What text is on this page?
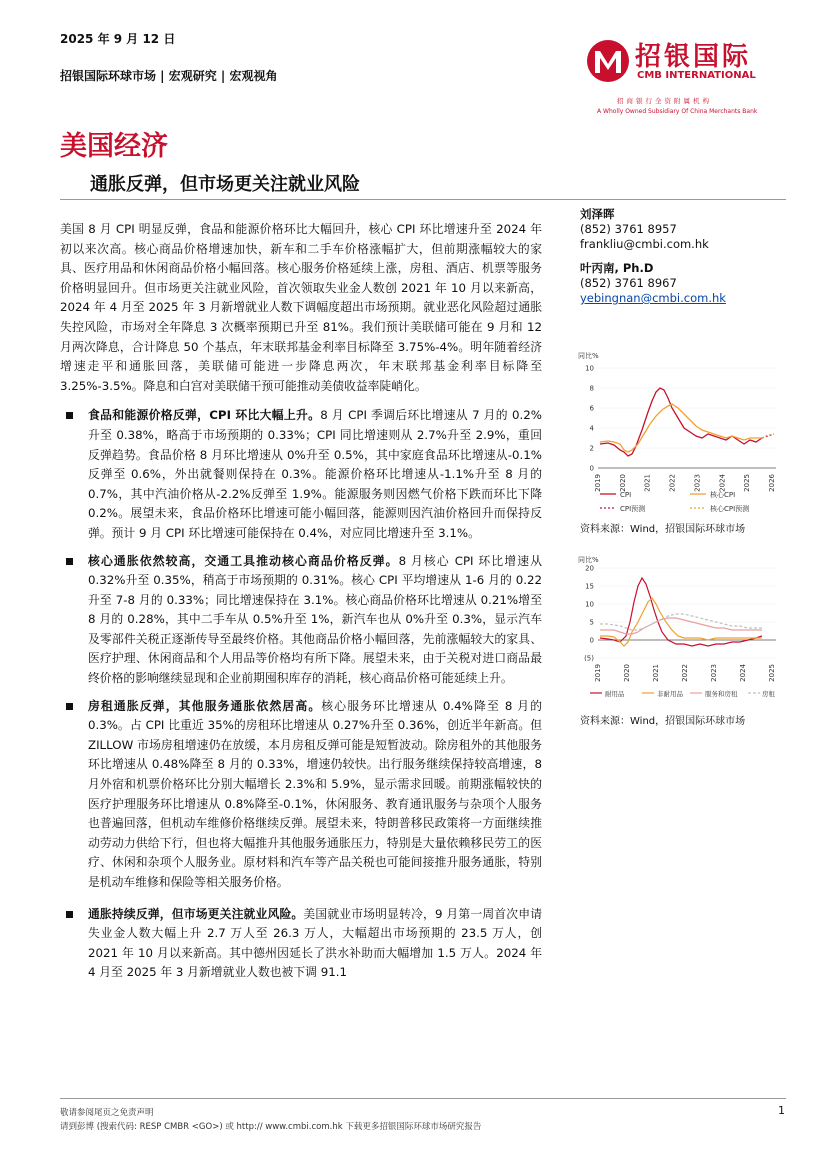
2025 年 9 月 12 日
招银国际环球市场 | 宏观研究 | 宏观视角
招银国际
CMB INTERNATIONAL
招商银行全资附属机构
A Wholly Owned Subsidiary Of China Merchants Bank
美国经济
通胀反弹，但市场更关注就业风险

美国 8 月 CPI 明显反弹，食品和能源价格环比大幅回升，核心 CPI 环比增速升至 2024 年初以来次高。核心商品价格增速加快，新车和二手车价格涨幅扩大，但前期涨幅较大的家具、医疗用品和休闲商品价格小幅回落。核心服务价格延续上涨，房租、酒店、机票等服务价格明显回升。但市场更关注就业风险，首次领取失业金人数创 2021 年 10 月以来新高，2024 年 4 月至 2025 年 3 月新增就业人数下调幅度超出市场预期。就业恶化风险超过通胀失控风险，市场对全年降息 3 次概率预期已升至 81%。我们预计美联储可能在 9 月和 12 月两次降息，合计降息 50 个基点，年末联邦基金利率目标降至 3.75%-4%。明年随着经济增速走平和通胀回落，美联储可能进一步降息两次，年末联邦基金利率目标降至 3.25%-3.5%。降息和白宫对美联储干预可能推动美债收益率陡峭化。

食品和能源价格反弹，CPI 环比大幅上升。8 月 CPI 季调后环比增速从 7 月的 0.2%升至 0.38%，略高于市场预期的 0.33%；CPI 同比增速则从 2.7%升至 2.9%，重回反弹趋势。食品价格 8 月环比增速从 0%升至 0.5%，其中家庭食品环比增速从-0.1%反弹至 0.6%，外出就餐则保持在 0.3%。能源价格环比增速从-1.1%升至 8 月的 0.7%，其中汽油价格从-2.2%反弹至 1.9%。能源服务则因燃气价格下跌而环比下降 0.2%。展望未来，食品价格环比增速可能小幅回落，能源则因汽油价格回升而保持反弹。预计 9 月 CPI 环比增速可能保持在 0.4%，对应同比增速升至 3.1%。

核心通胀依然较高，交通工具推动核心商品价格反弹。8 月核心 CPI 环比增速从 0.32%升至 0.35%，稍高于市场预期的 0.31%。核心 CPI 平均增速从 1-6 月的 0.22 升至 7-8 月的 0.33%；同比增速保持在 3.1%。核心商品价格环比增速从 0.21%增至 8 月的 0.28%，其中二手车从 0.5%升至 1%，新汽车也从 0%升至 0.3%，显示汽车及零部件关税正逐渐传导至最终价格。其他商品价格小幅回落，先前涨幅较大的家具、医疗护理、休闲商品和个人用品等价格均有所下降。展望未来，由于关税对进口商品最终价格的影响继续显现和企业前期囤积库存的消耗，核心商品价格可能延续上升。

房租通胀反弹，其他服务通胀依然居高。核心服务环比增速从 0.4%降至 8 月的 0.3%。占 CPI 比重近 35%的房租环比增速从 0.27%升至 0.36%，创近半年新高。但 ZILLOW 市场房租增速仍在放缓，本月房租反弹可能是短暂波动。除房租外的其他服务环比增速从 0.48%降至 8 月的 0.33%，增速仍较快。出行服务继续保持较高增速，8 月外宿和机票价格环比分别大幅增长 2.3%和 5.9%，显示需求回暖。前期涨幅较快的医疗护理服务环比增速从 0.8%降至-0.1%，休闲服务、教育通讯服务与杂项个人服务也普遍回落，但机动车维修价格继续反弹。展望未来，特朗普移民政策将一方面继续推动劳动力供给下行，但也将大幅推升其他服务通胀压力，特别是大量依赖移民劳工的医疗、休闲和杂项个人服务业。原材料和汽车等产品关税也可能间接推升服务通胀，特别是机动车维修和保险等相关服务价格。

通胀持续反弹，但市场更关注就业风险。美国就业市场明显转冷，9 月第一周首次申请失业金人数大幅上升 2.7 万人至 26.3 万人，大幅超出市场预期的 23.5 万人，创 2021 年 10 月以来新高。其中德州因延长了洪水补助而大幅增加 1.5 万人。2024 年 4 月至 2025 年 3 月新增就业人数也被下调 91.1

刘泽晖
(852) 3761 8957
frankliu@cmbi.com.hk
叶丙南, Ph.D
(852) 3761 8967
yebingnan@cmbi.com.hk
同比%
0
2
4
6
8
10
2019 2020 2021 2022 2023 2024 2025 2026
CPI	核心CPI
CPI预测	核心CPI预测
资料来源：Wind，招银国际环球市场
同比%
20
15
10
5
0
(5)
2019	2020	2021	2022	2023	2024	2025
耐用品	非耐用品	服务和房租	房租
资料来源：Wind，招银国际环球市场
敬请参阅尾页之免责声明
请到彭博 (搜索代码: RESP CMBR <GO>) 或 http:// www.cmbi.com.hk 下载更多招银国际环球市场研究报告
1
